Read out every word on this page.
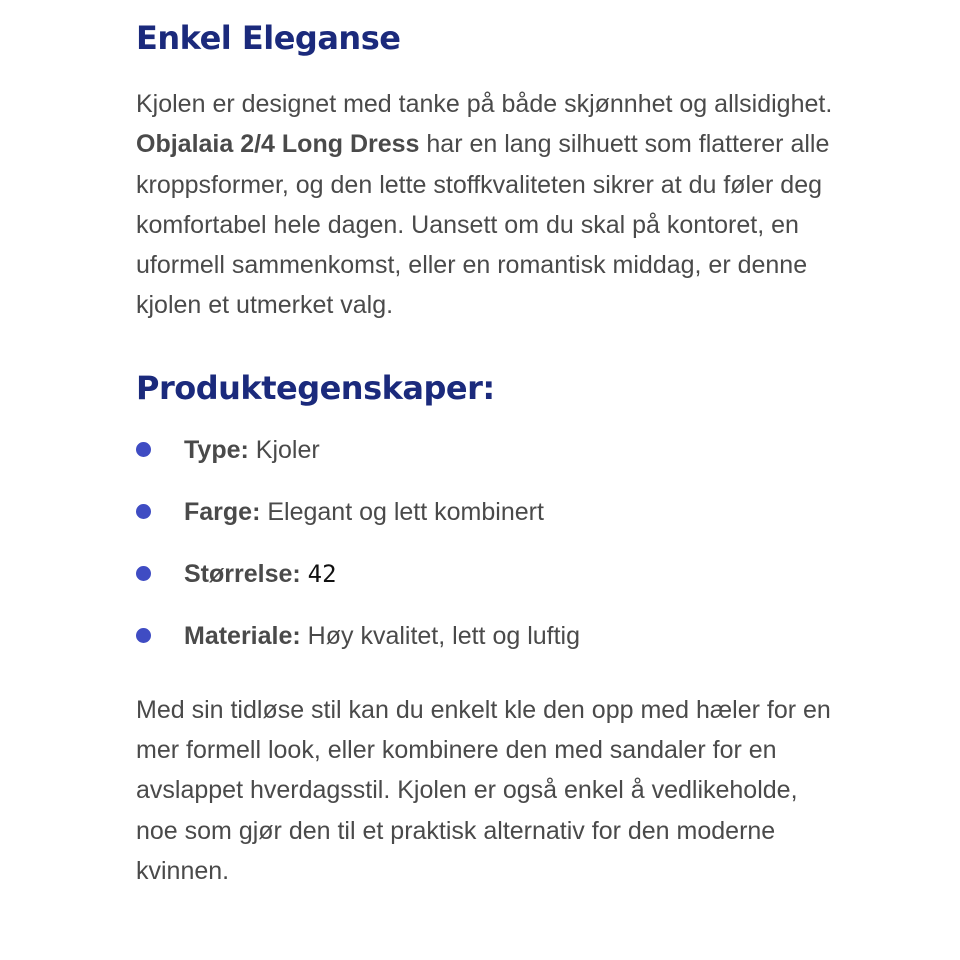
Enkel Eleganse

Kjolen er designet med tanke på både skjønnhet og allsidighet. Objalaia 2/4 Long Dress har en lang silhuett som flatterer alle kroppsformer, og den lette stoffkvaliteten sikrer at du føler deg komfortabel hele dagen. Uansett om du skal på kontoret, en uformell sammenkomst, eller en romantisk middag, er denne kjolen et utmerket valg.

Produktegenskaper:
Type: Kjoler
Farge: Elegant og lett kombinert
Størrelse: 42
Materiale: Høy kvalitet, lett og luftig

Med sin tidløse stil kan du enkelt kle den opp med hæler for en mer formell look, eller kombinere den med sandaler for en avslappet hverdagsstil. Kjolen er også enkel å vedlikeholde, noe som gjør den til et praktisk alternativ for den moderne kvinnen.
